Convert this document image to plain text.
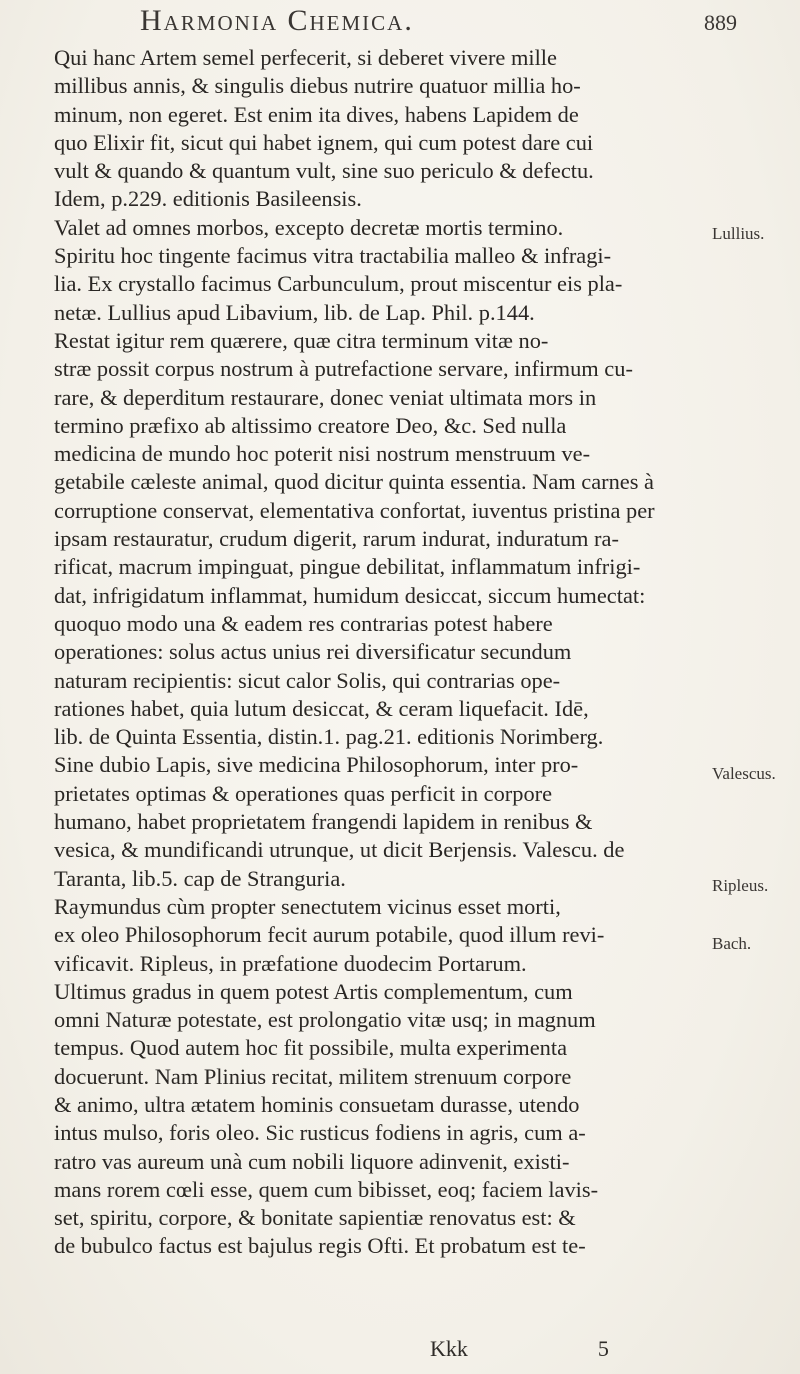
Harmonia Chemica.	889
Qui hanc Artem semel perfecerit, si deberet vivere mille
millibus annis, & singulis diebus nutrire quatuor millia ho-
minum, non egeret. Est enim ita dives, habens Lapidem de
quo Elixir fit, sicut qui habet ignem, qui cum potest dare cui
vult & quando & quantum vult, sine suo periculo & defectu.
Idem, p.229. editionis Basileensis.
Valet ad omnes morbos, excepto decretæ mortis termino.
Spiritu hoc tingente facimus vitra tractabilia malleo & infragi-
lia. Ex crystallo facimus Carbunculum, prout miscentur eis pla-
netæ. Lullius apud Libavium, lib. de Lap. Phil. p.144.
Restat igitur rem quærere, quæ citra terminum vitæ no-
stræ possit corpus nostrum à putrefactione servare, infirmum cu-
rare, & deperditum restaurare, donec veniat ultimata mors in
termino præfixo ab altissimo creatore Deo, &c. Sed nulla
medicina de mundo hoc poterit nisi nostrum menstruum ve-
getabile cæleste animal, quod dicitur quinta essentia. Nam carnes à
corruptione conservat, elementativa confortat, iuventus pristina per
ipsam restauratur, crudum digerit, rarum indurat, induratum ra-
rificat, macrum impinguat, pingue debilitat, inflammatum infrigi-
dat, infrigidatum inflammat, humidum desiccat, siccum humectat:
quoquo modo una & eadem res contrarias potest habere
operationes: solus actus unius rei diversificatur secundum
naturam recipientis: sicut calor Solis, qui contrarias ope-
rationes habet, quia lutum desiccat, & ceram liquefacit. Idē,
lib. de Quinta Essentia, distin.1. pag.21. editionis Norimberg.
Sine dubio Lapis, sive medicina Philosophorum, inter pro-
prietates optimas & operationes quas perficit in corpore
humano, habet proprietatem frangendi lapidem in renibus &
vesica, & mundificandi utrunque, ut dicit Berjensis. Valescu. de
Taranta, lib.5. cap de Stranguria.
Raymundus cùm propter senectutem vicinus esset morti,
ex oleo Philosophorum fecit aurum potabile, quod illum revi-
vificavit. Ripleus, in præfatione duodecim Portarum.
Ultimus gradus in quem potest Artis complementum, cum
omni Naturæ potestate, est prolongatio vitæ usq; in magnum
tempus. Quod autem hoc fit possibile, multa experimenta
docuerunt. Nam Plinius recitat, militem strenuum corpore
& animo, ultra ætatem hominis consuetam durasse, utendo
intus mulso, foris oleo. Sic rusticus fodiens in agris, cum a-
ratro vas aureum unà cum nobili liquore adinvenit, existi-
mans rorem cœli esse, quem cum bibisset, eoq; faciem lavis-
set, spiritu, corpore, & bonitate sapientiæ renovatus est: &
de bubulco factus est bajulus regis Ofti. Et probatum est te-
Lullius.
Valescus.
Ripleus.
Bach.
Kkk	5
